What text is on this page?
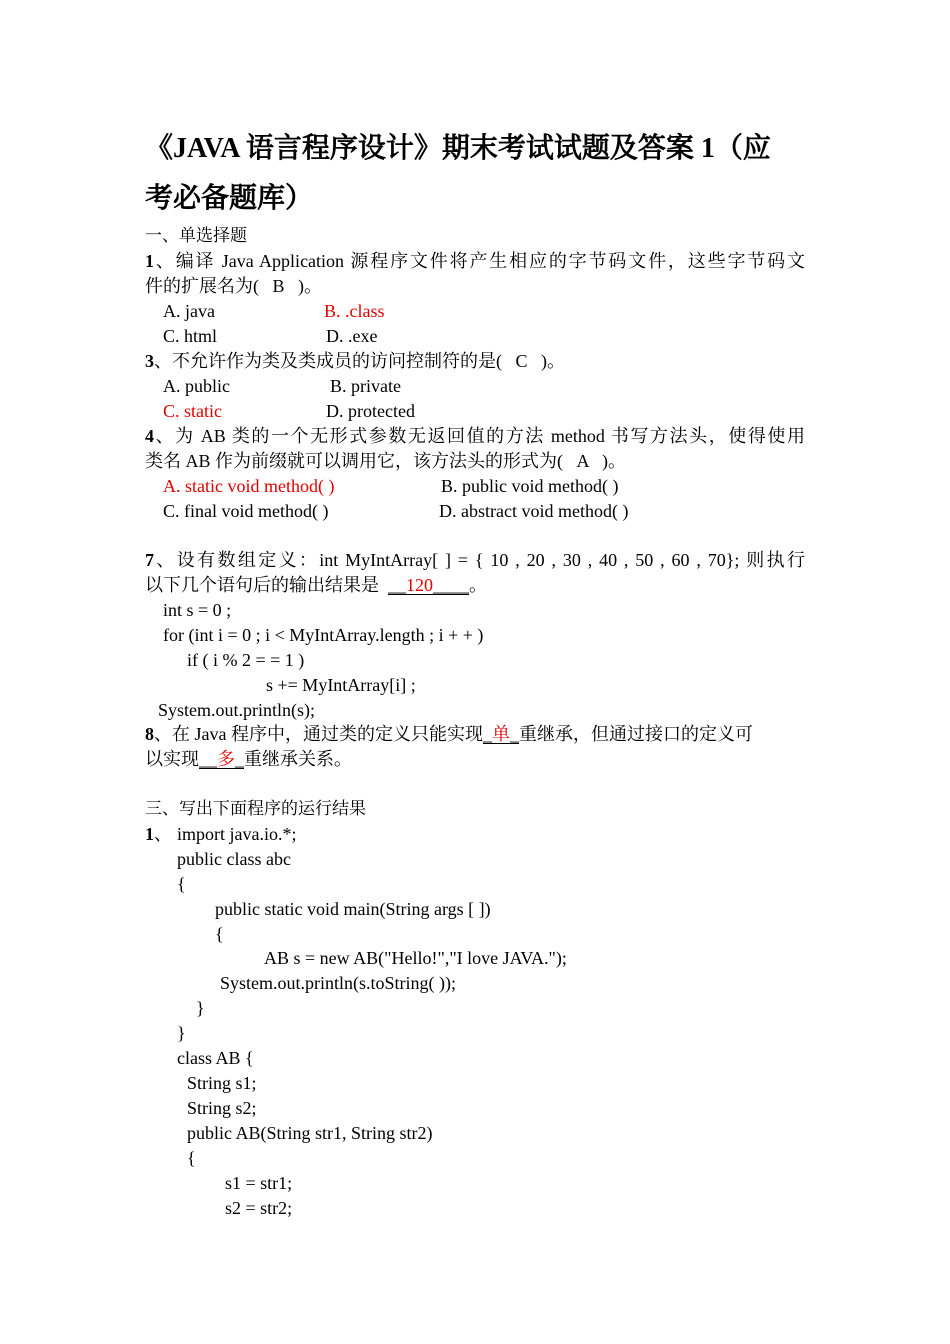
《JAVA 语言程序设计》期末考试试题及答案 1（应
考必备题库）
一、单选择题
1、编译 Java Application 源程序文件将产生相应的字节码文件，这些字节码文
件的扩展名为(   B   )。
A. java	B. .class
C. html	D. .exe
3、不允许作为类及类成员的访问控制符的是(   C   )。
A. public	B. private
C. static	D. protected
4、为 AB 类的一个无形式参数无返回值的方法 method 书写方法头，使得使用
类名 AB 作为前缀就可以调用它，该方法头的形式为(   A   )。
A. static void method( )	B. public void method( )
C. final void method( )	D. abstract void method( )
7、设有数组定义：int MyIntArray[ ] = { 10 , 20 , 30 , 40 , 50 , 60 , 70}; 则执行
以下几个语句后的输出结果是  __120____。
int s = 0 ;
for (int i = 0 ; i < MyIntArray.length ; i + + )
if ( i % 2 = = 1 )
s += MyIntArray[i] ;
System.out.println(s);
8、在 Java 程序中，通过类的定义只能实现_单_重继承，但通过接口的定义可
以实现__多_重继承关系。
三、写出下面程序的运行结果
1、 import java.io.*;
public class abc
{
public static void main(String args [ ])
{
AB s = new AB("Hello!","I love JAVA.");
System.out.println(s.toString( ));
}
}
class AB {
String s1;
String s2;
public AB(String str1, String str2)
{
s1 = str1;
s2 = str2;
